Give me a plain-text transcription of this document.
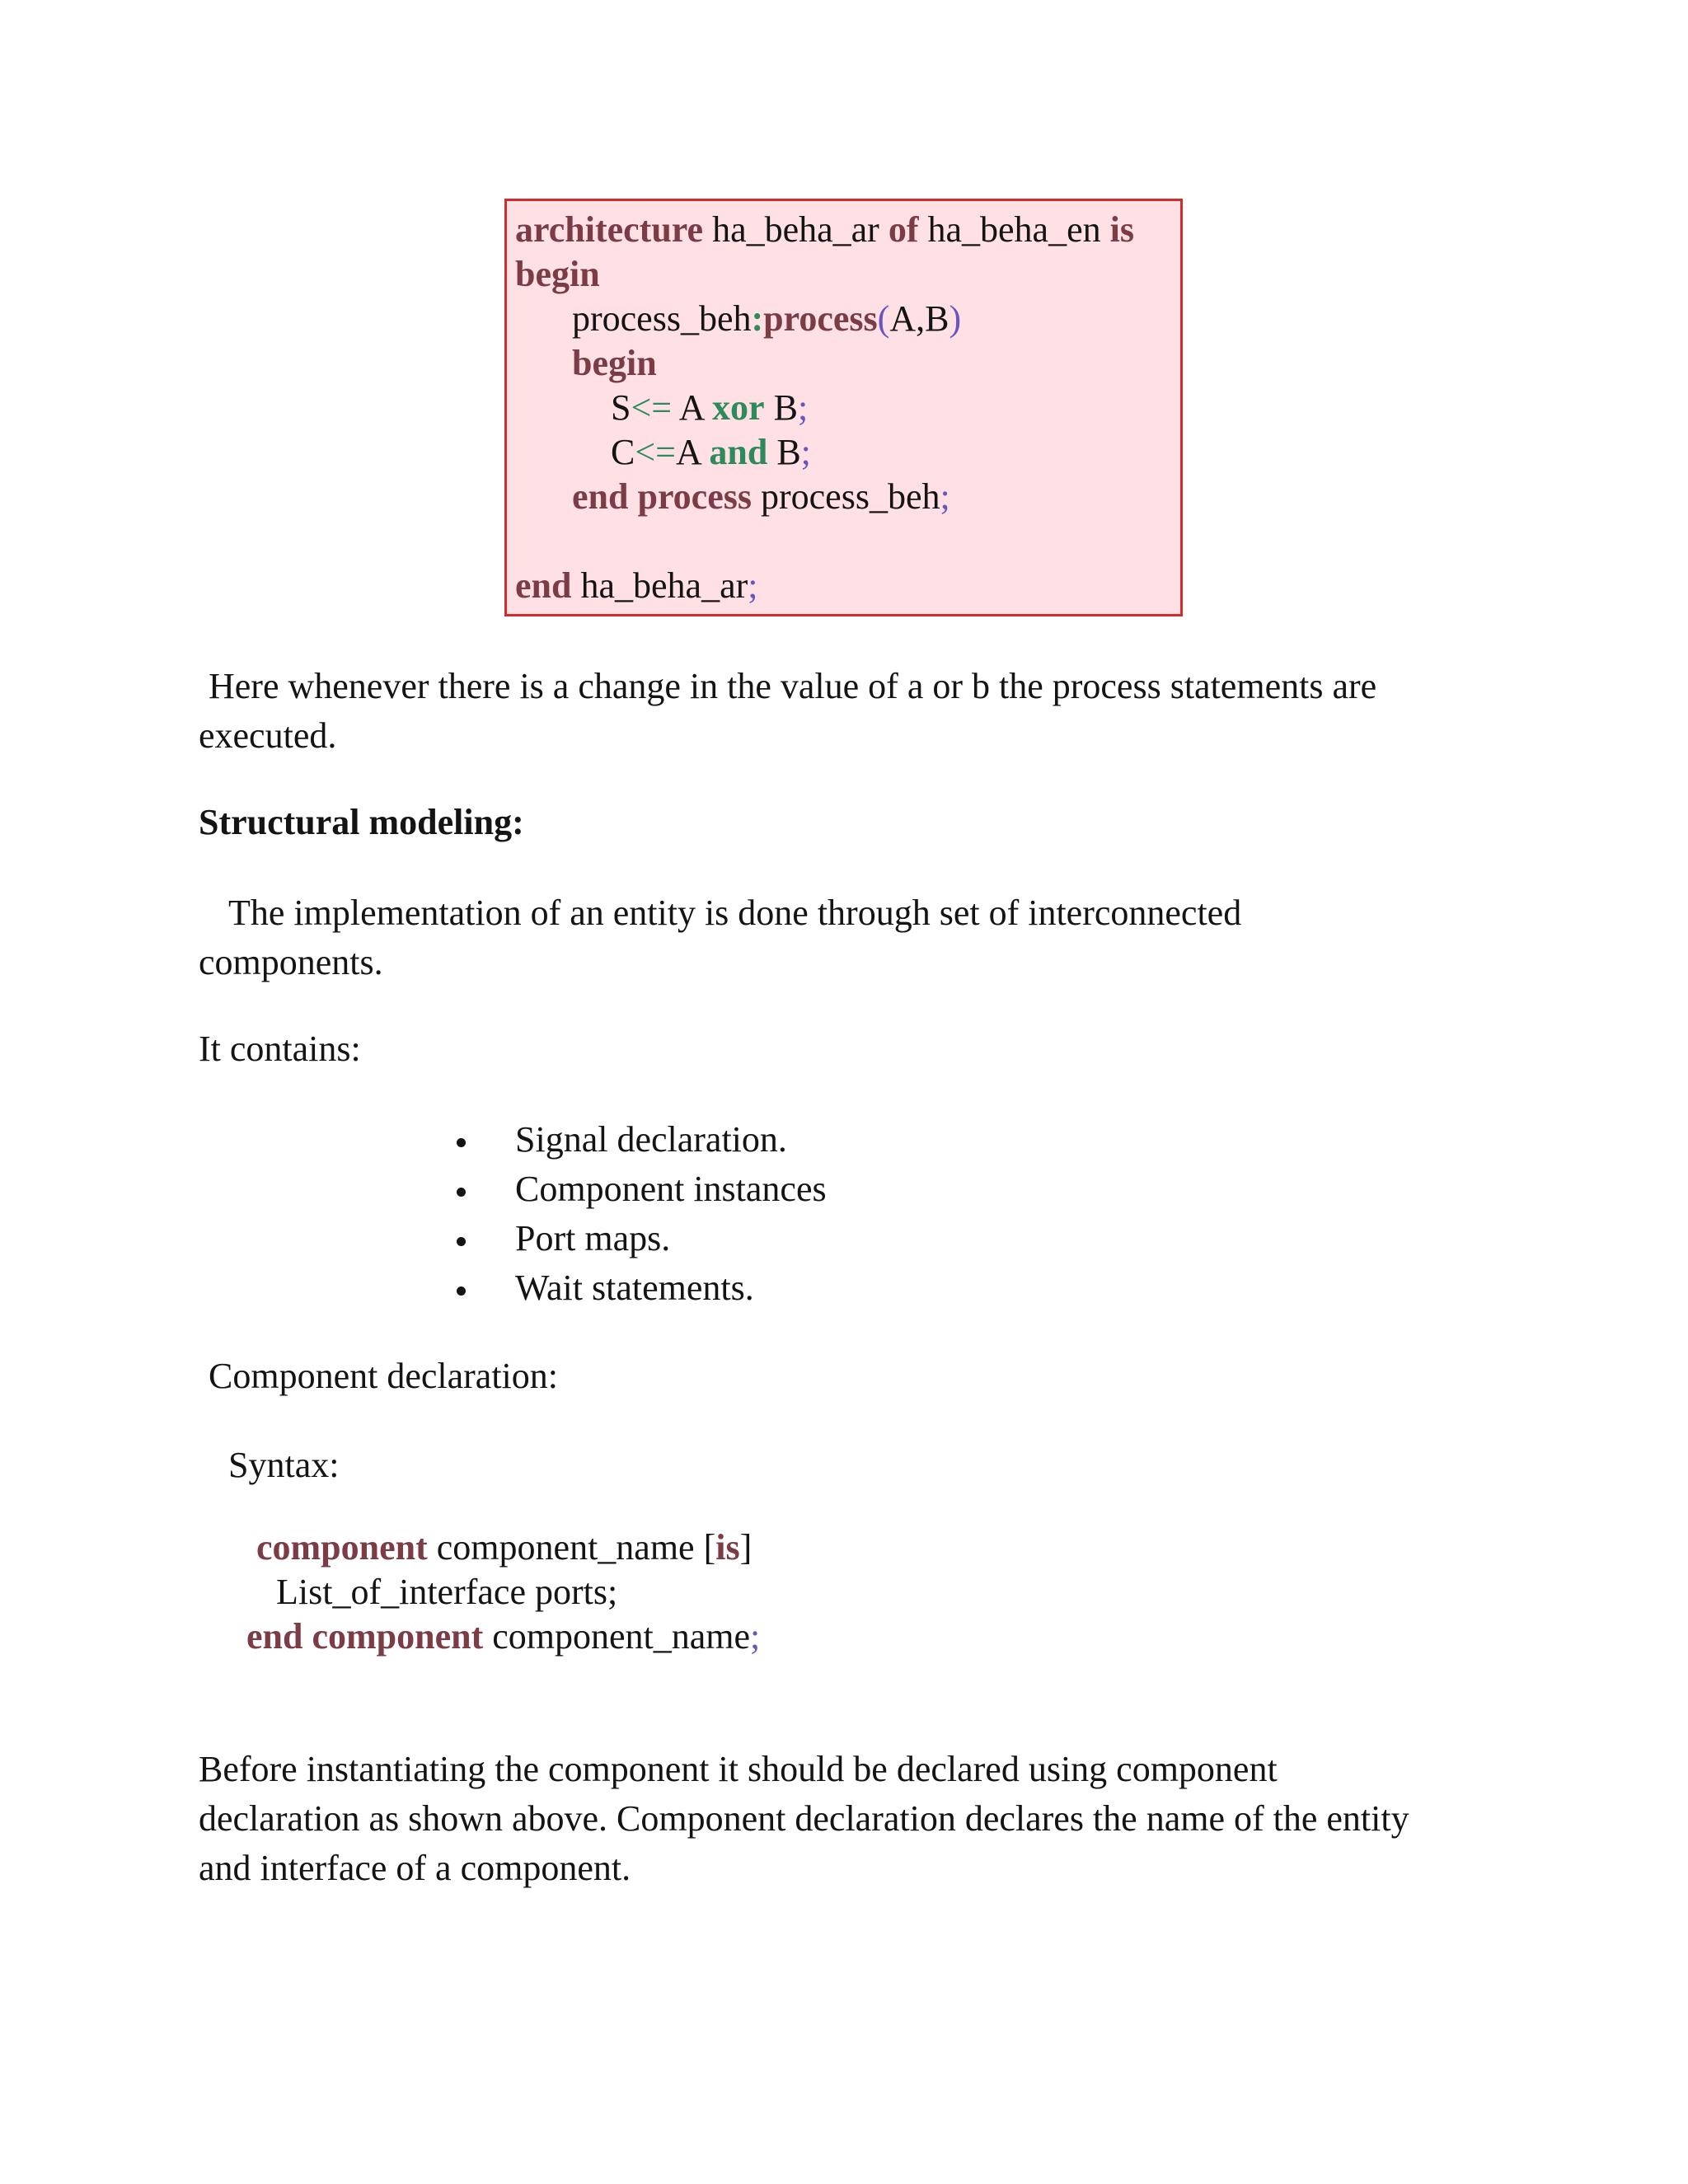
architecture ha_beha_ar of ha_beha_en is
begin
process_beh:process(A,B)
begin
S<= A xor B;
C<=A and B;
end process process_beh;
end ha_beha_ar;
Here whenever there is a change in the value of a or b the process statements are
executed.
Structural modeling:
The implementation of an entity is done through set of interconnected
components.
It contains:
Signal declaration.
Component instances
Port maps.
Wait statements.
Component declaration:
Syntax:
component component_name [is]
List_of_interface ports;
end component component_name;
Before instantiating the component it should be declared using component
declaration as shown above. Component declaration declares the name of the entity
and interface of a component.
